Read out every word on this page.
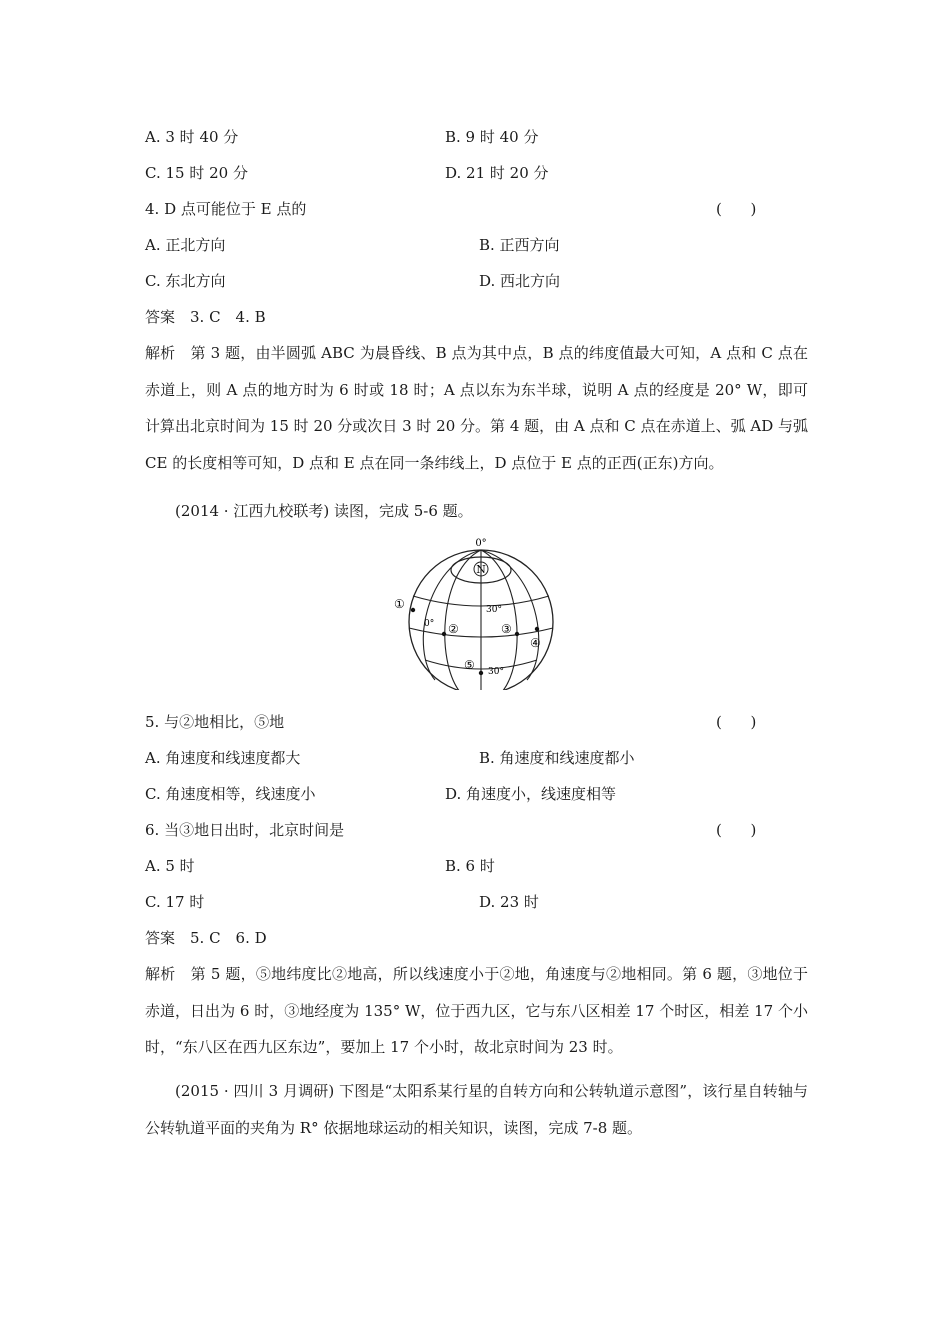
A. 3 时 40 分	B. 9 时 40 分
C. 15 时 20 分	D. 21 时 20 分
4. D 点可能位于 E 点的	(      )
A. 正北方向	B. 正西方向
C. 东北方向	D. 西北方向
答案　3. C　4. B
解析　第 3 题，由半圆弧 ABC 为晨昏线、B 点为其中点，B 点的纬度值最大可知，A 点和 C 点在赤道上，则 A 点的地方时为 6 时或 18 时；A 点以东为东半球，说明 A 点的经度是 20° W，即可计算出北京时间为 15 时 20 分或次日 3 时 20 分。第 4 题，由 A 点和 C 点在赤道上、弧 AD 与弧 CE 的长度相等可知，D 点和 E 点在同一条纬线上，D 点位于 E 点的正西(正东)方向。
(2014 · 江西九校联考) 读图，完成 5-6 题。
N
0°
30°
0°
30°
①
②	③
④
⑤
5. 与②地相比，⑤地	(      )
A. 角速度和线速度都大	B. 角速度和线速度都小
C. 角速度相等，线速度小	D. 角速度小，线速度相等
6. 当③地日出时，北京时间是	(      )
A. 5 时	B. 6 时
C. 17 时	D. 23 时
答案　5. C　6. D
解析　第 5 题，⑤地纬度比②地高，所以线速度小于②地，角速度与②地相同。第 6 题，③地位于赤道，日出为 6 时，③地经度为 135° W，位于西九区，它与东八区相差 17 个时区，相差 17 个小时，“东八区在西九区东边”，要加上 17 个小时，故北京时间为 23 时。
(2015 · 四川 3 月调研) 下图是“太阳系某行星的自转方向和公转轨道示意图”，该行星自转轴与公转轨道平面的夹角为 R° 依据地球运动的相关知识，读图，完成 7-8 题。
